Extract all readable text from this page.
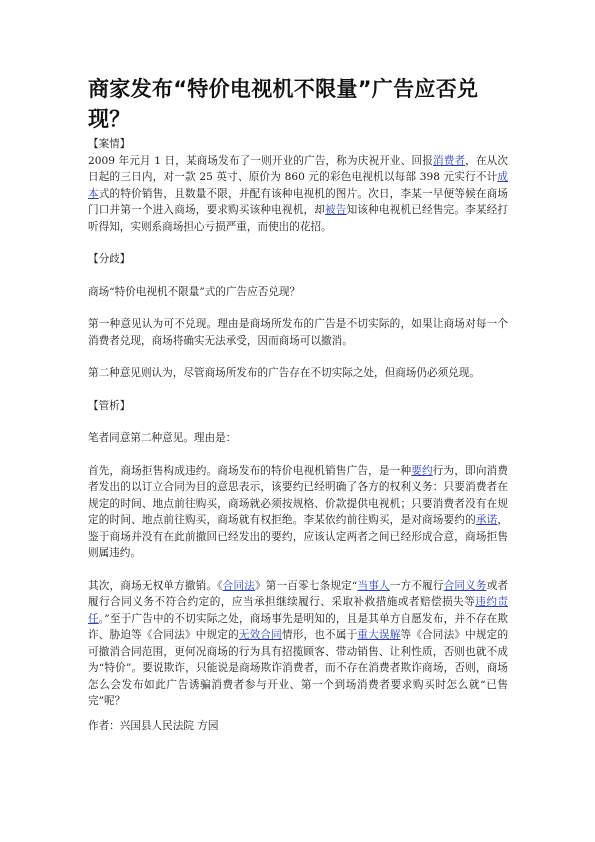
商家发布“特价电视机不限量”广告应否兑现？
【案情】

2009 年元月 1 日，某商场发布了一则开业的广告，称为庆祝开业、回报消费者，在从次日起的三日内，对一款 25 英寸、原价为 860 元的彩色电视机以每部 398 元实行不计成本式的特价销售，且数量不限，并配有该种电视机的图片。次日，李某一早便等候在商场门口并第一个进入商场，要求购买该种电视机，却被告知该种电视机已经售完。李某经打听得知，实则系商场担心亏损严重，而使出的花招。

【分歧】

商场“特价电视机不限量”式的广告应否兑现？

第一种意见认为可不兑现。理由是商场所发布的广告是不切实际的，如果让商场对每一个消费者兑现，商场将确实无法承受，因而商场可以撤消。

第二种意见则认为，尽管商场所发布的广告存在不切实际之处，但商场仍必须兑现。

【管析】

笔者同意第二种意见。理由是：

首先，商场拒售构成违约。商场发布的特价电视机销售广告，是一种要约行为，即向消费者发出的以订立合同为目的意思表示，该要约已经明确了各方的权利义务：只要消费者在规定的时间、地点前往购买，商场就必须按规格、价款提供电视机；只要消费者没有在规定的时间、地点前往购买，商场就有权拒绝。李某依约前往购买，是对商场要约的承诺，鉴于商场并没有在此前撤回已经发出的要约，应该认定两者之间已经形成合意，商场拒售则属违约。

其次，商场无权单方撤销。《合同法》第一百零七条规定“当事人一方不履行合同义务或者履行合同义务不符合约定的，应当承担继续履行、采取补救措施或者赔偿损失等违约责任。”至于广告中的不切实际之处，商场事先是明知的，且是其单方自愿发布，并不存在欺诈、胁迫等《合同法》中规定的无效合同情形，也不属于重大误解等《合同法》中规定的可撤消合同范围，更何况商场的行为具有招揽顾客、带动销售、让利性质，否则也就不成为“特价”。要说欺诈，只能说是商场欺诈消费者，而不存在消费者欺诈商场，否则，商场怎么会发布如此广告诱骗消费者参与开业、第一个到场消费者要求购买时怎么就“已售完”呢？

作者：兴国县人民法院 方园
